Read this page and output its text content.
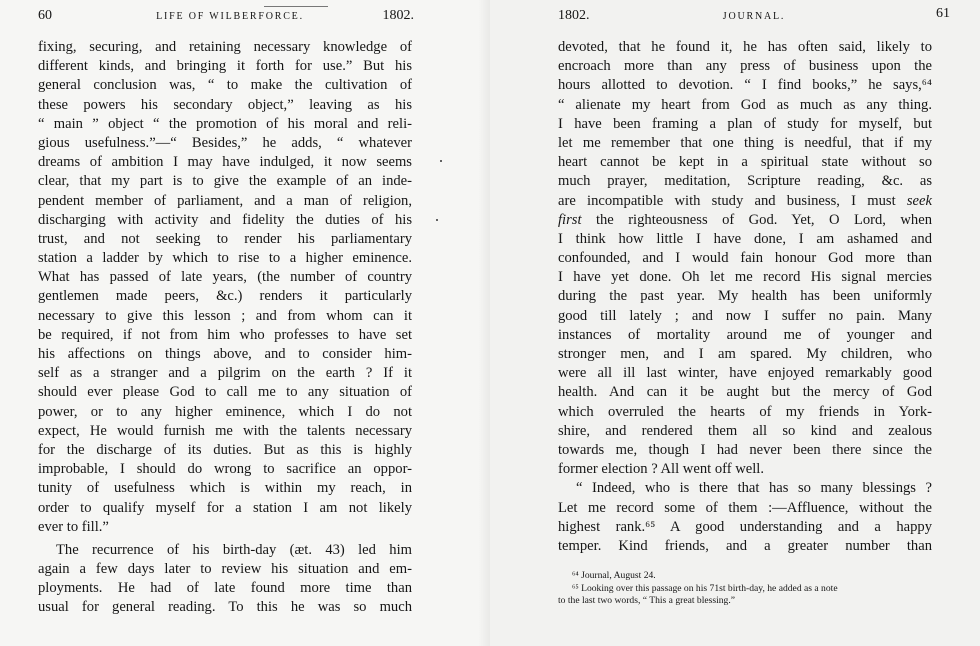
60	LIFE OF WILBERFORCE.	1802.
fixing, securing, and retaining necessary knowledge of
different kinds, and bringing it forth for use.” But his
general conclusion was, “ to make the cultivation of
these powers his secondary object,” leaving as his
“ main ” object “ the promotion of his moral and reli-
gious usefulness.”—“ Besides,” he adds, “ whatever
dreams of ambition I may have indulged, it now seems
clear, that my part is to give the example of an inde-
pendent member of parliament, and a man of religion,
discharging with activity and fidelity the duties of his
trust, and not seeking to render his parliamentary
station a ladder by which to rise to a higher eminence.
What has passed of late years, (the number of country
gentlemen made peers, &c.) renders it particularly
necessary to give this lesson ; and from whom can it
be required, if not from him who professes to have set
his affections on things above, and to consider him-
self as a stranger and a pilgrim on the earth ? If it
should ever please God to call me to any situation of
power, or to any higher eminence, which I do not
expect, He would furnish me with the talents necessary
for the discharge of its duties. But as this is highly
improbable, I should do wrong to sacrifice an oppor-
tunity of usefulness which is within my reach, in
order to qualify myself for a station I am not likely
ever to fill.”
The recurrence of his birth-day (æt. 43) led him
again a few days later to review his situation and em-
ployments. He had of late found more time than
usual for general reading. To this he was so much
1802.	JOURNAL.	61
devoted, that he found it, he has often said, likely to
encroach more than any press of business upon the
hours allotted to devotion. “ I find books,” he says,⁶⁴
“ alienate my heart from God as much as any thing.
I have been framing a plan of study for myself, but
let me remember that one thing is needful, that if my
heart cannot be kept in a spiritual state without so
much prayer, meditation, Scripture reading, &c. as
are incompatible with study and business, I must seek
first the righteousness of God. Yet, O Lord, when
I think how little I have done, I am ashamed and
confounded, and I would fain honour God more than
I have yet done. Oh let me record His signal mercies
during the past year. My health has been uniformly
good till lately ; and now I suffer no pain. Many
instances of mortality around me of younger and
stronger men, and I am spared. My children, who
were all ill last winter, have enjoyed remarkably good
health. And can it be aught but the mercy of God
which overruled the hearts of my friends in York-
shire, and rendered them all so kind and zealous
towards me, though I had never been there since the
former election ? All went off well.
“ Indeed, who is there that has so many blessings ?
Let me record some of them :—Affluence, without the
highest rank.⁶⁵ A good understanding and a happy
temper. Kind friends, and a greater number than
⁶⁴ Journal, August 24.
⁶⁵ Looking over this passage on his 71st birth-day, he added as a note
to the last two words, “ This a great blessing.”
